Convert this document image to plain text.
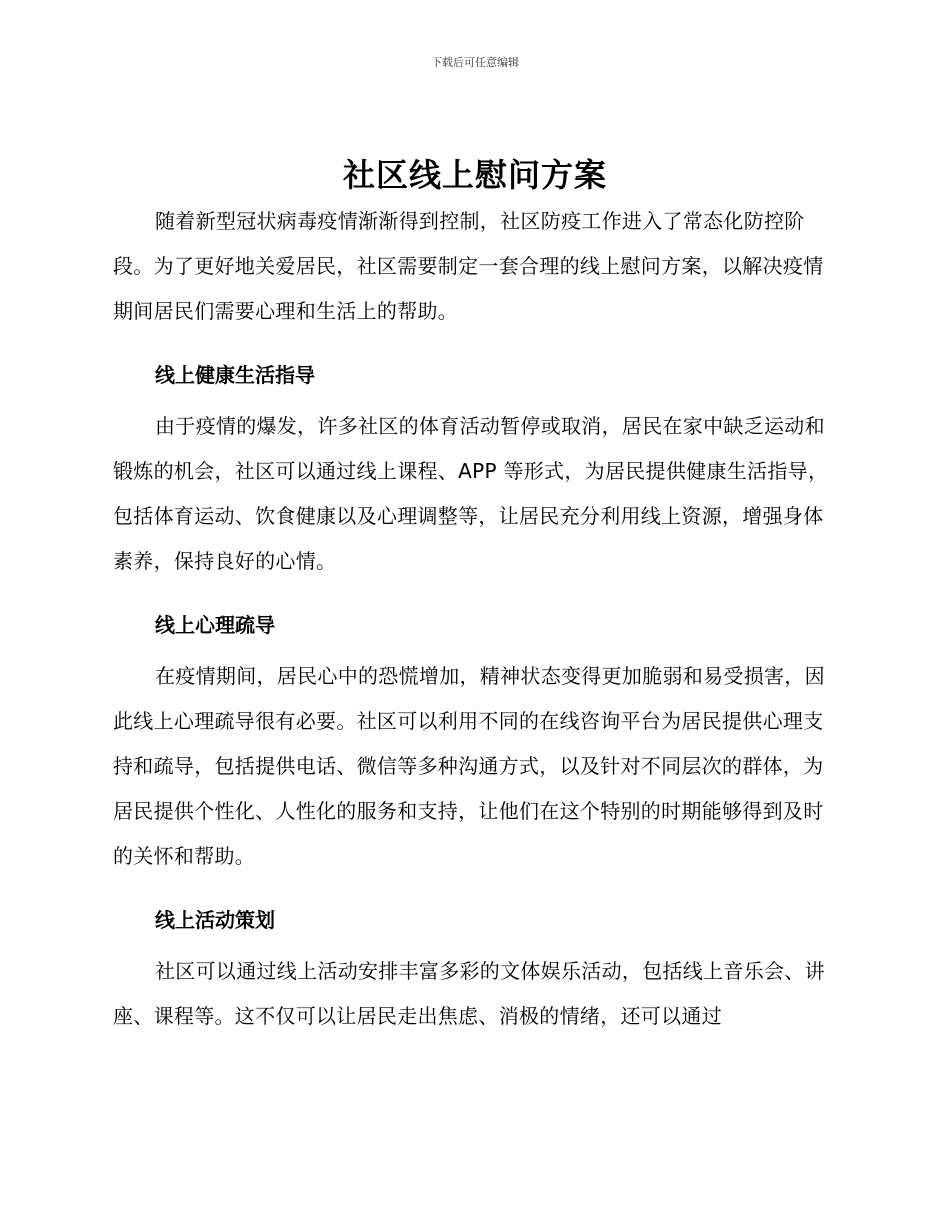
下载后可任意编辑
社区线上慰问方案

随着新型冠状病毒疫情渐渐得到控制，社区防疫工作进入了常态化防控阶段。为了更好地关爱居民，社区需要制定一套合理的线上慰问方案，以解决疫情期间居民们需要心理和生活上的帮助。

线上健康生活指导

由于疫情的爆发，许多社区的体育活动暂停或取消，居民在家中缺乏运动和锻炼的机会，社区可以通过线上课程、APP 等形式，为居民提供健康生活指导，包括体育运动、饮食健康以及心理调整等，让居民充分利用线上资源，增强身体素养，保持良好的心情。

线上心理疏导

在疫情期间，居民心中的恐慌增加，精神状态变得更加脆弱和易受损害，因此线上心理疏导很有必要。社区可以利用不同的在线咨询平台为居民提供心理支持和疏导，包括提供电话、微信等多种沟通方式，以及针对不同层次的群体，为居民提供个性化、人性化的服务和支持，让他们在这个特别的时期能够得到及时的关怀和帮助。

线上活动策划

社区可以通过线上活动安排丰富多彩的文体娱乐活动，包括线上音乐会、讲座、课程等。这不仅可以让居民走出焦虑、消极的情绪，还可以通过
